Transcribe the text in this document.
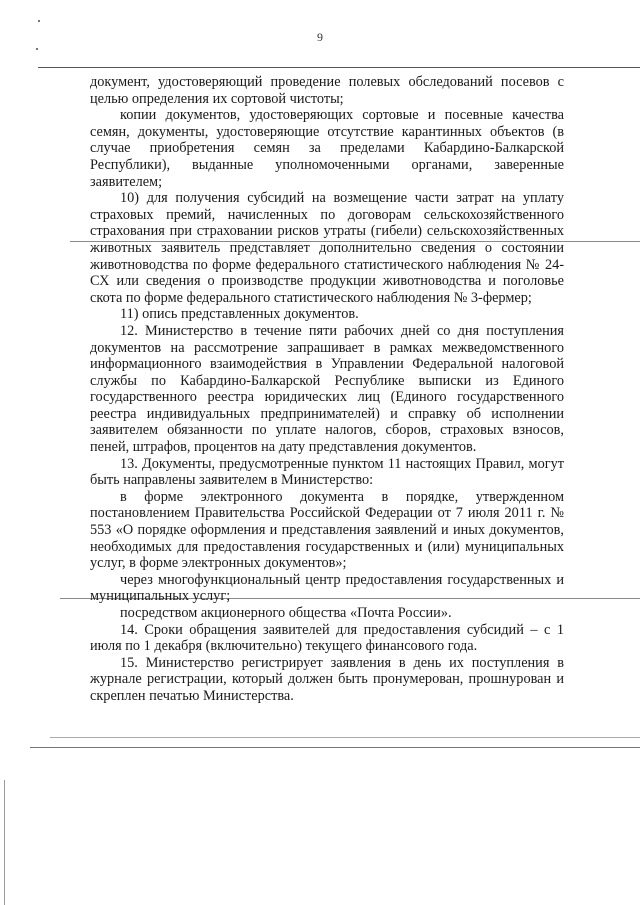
9

документ, удостоверяющий проведение полевых обследований посевов с целью определения их сортовой чистоты;

копии документов, удостоверяющих сортовые и посевные качества семян, документы, удостоверяющие отсутствие карантинных объектов (в случае приобретения семян за пределами Кабардино-Балкарской Республики), выданные уполномоченными органами, заверенные заявителем;

10) для получения субсидий на возмещение части затрат на уплату страховых премий, начисленных по договорам сельскохозяйственного страхования при страховании рисков утраты (гибели) сельскохозяйственных животных заявитель представляет дополнительно сведения о состоянии животноводства по форме федерального статистического наблюдения № 24-СХ или сведения о производстве продукции животноводства и поголовье скота по форме федерального статистического наблюдения № 3-фермер;

11) опись представленных документов.

12. Министерство в течение пяти рабочих дней со дня поступления документов на рассмотрение запрашивает в рамках межведомственного информационного взаимодействия в Управлении Федеральной налоговой службы по Кабардино-Балкарской Республике выписки из Единого государственного реестра юридических лиц (Единого государственного реестра индивидуальных предпринимателей) и справку об исполнении заявителем обязанности по уплате налогов, сборов, страховых взносов, пеней, штрафов, процентов на дату представления документов.

13. Документы, предусмотренные пунктом 11 настоящих Правил, могут быть направлены заявителем в Министерство:

в форме электронного документа в порядке, утвержденном постановлением Правительства Российской Федерации от 7 июля 2011 г. № 553 «О порядке оформления и представления заявлений и иных документов, необходимых для предоставления государственных и (или) муниципальных услуг, в форме электронных документов»;

через многофункциональный центр предоставления государственных и муниципальных услуг;

посредством акционерного общества «Почта России».

14. Сроки обращения заявителей для предоставления субсидий – с 1 июля по 1 декабря (включительно) текущего финансового года.

15. Министерство регистрирует заявления в день их поступления в журнале регистрации, который должен быть пронумерован, прошнурован и скреплен печатью Министерства.
